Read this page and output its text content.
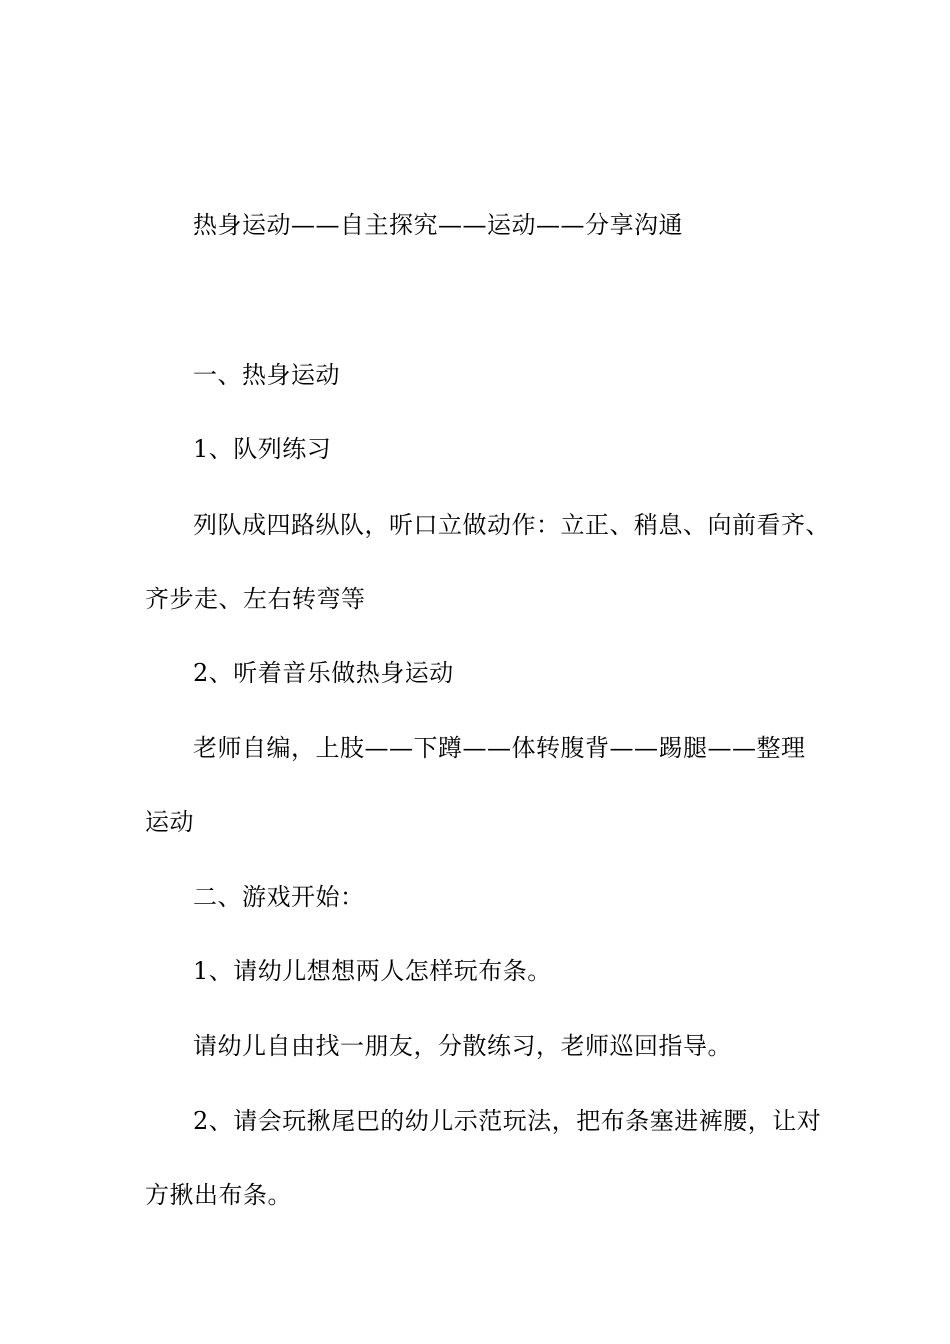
热身运动——自主探究——运动——分享沟通
一、热身运动
1、队列练习
列队成四路纵队，听口立做动作：立正、稍息、向前看齐、
齐步走、左右转弯等
2、听着音乐做热身运动
老师自编，上肢——下蹲——体转腹背——踢腿——整理
运动
二、游戏开始：
1、请幼儿想想两人怎样玩布条。
请幼儿自由找一朋友，分散练习，老师巡回指导。
2、请会玩揪尾巴的幼儿示范玩法，把布条塞进裤腰，让对
方揪出布条。
